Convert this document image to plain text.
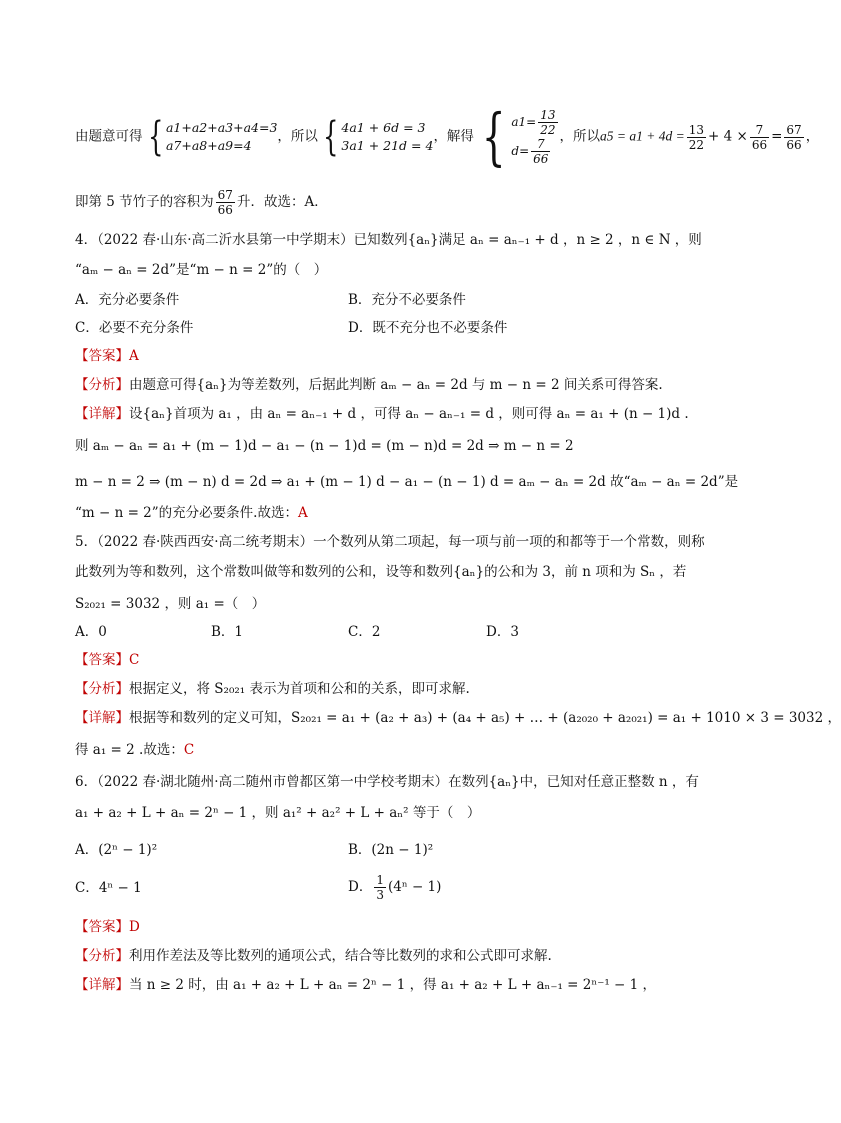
由题意可得 { a1+a2+a3+a4=3
a7+a8+a9=4
，所以 { 4a1 + 6d = 3
3a1 + 21d = 4
，解得 { $a1= \frac{13}{22}$
$d= \frac{7}{66}$
，所以$a5 = a1 + 4d = \frac{13}{22} + 4 \times \frac{7}{66} = \frac{67}{66}$ ，
即第 5 节竹子的容积为 $\frac{67}{66}$ 升．故选：A．
4．（2022 春·山东·高二沂水县第一中学期末）已知数列{aₙ}满足 aₙ = aₙ₋₁ + d ，n ≥ 2 ，n ∈ N ，则
“aₘ − aₙ = 2d”是“m − n = 2”的（　）
A．充分必要条件	B．充分不必要条件
C．必要不充分条件	D．既不充分也不必要条件
【答案】A
【分析】由题意可得{aₙ}为等差数列，后据此判断 aₘ − aₙ = 2d 与 m − n = 2 间关系可得答案.
【详解】设{aₙ}首项为 a₁ ，由 aₙ = aₙ₋₁ + d ，可得 aₙ − aₙ₋₁ = d ，则可得 aₙ = a₁ + (n − 1)d .
则 aₘ − aₙ = a₁ + (m − 1)d − a₁ − (n − 1)d = (m − n)d = 2d ⇒ m − n = 2
m − n = 2 ⇒ (m − n) d = 2d ⇒ a₁ + (m − 1) d − a₁ − (n − 1) d = aₘ − aₙ = 2d 故“aₘ − aₙ = 2d”是
“m − n = 2”的充分必要条件.故选：A
5．（2022 春·陕西西安·高二统考期末）一个数列从第二项起，每一项与前一项的和都等于一个常数，则称
此数列为等和数列，这个常数叫做等和数列的公和，设等和数列{aₙ}的公和为 3，前 n 项和为 Sₙ ，若
S₂₀₂₁ = 3032 ，则 a₁ =（　）
A．0	B．1	C．2	D．3
【答案】C
【分析】根据定义，将 S₂₀₂₁ 表示为首项和公和的关系，即可求解.
【详解】根据等和数列的定义可知，S₂₀₂₁ = a₁ + (a₂ + a₃) + (a₄ + a₅) + … + (a₂₀₂₀ + a₂₀₂₁) = a₁ + 1010 × 3 = 3032 ，
得 a₁ = 2 .故选：C
6．（2022 春·湖北随州·高二随州市曾都区第一中学校考期末）在数列{aₙ}中，已知对任意正整数 n ，有
a₁ + a₂ + L + aₙ = 2ⁿ − 1 ，则 a₁² + a₂² + L + aₙ² 等于（　）
A．(2ⁿ − 1)²	B．(2n − 1)²
C．4ⁿ − 1	D． $\frac{1}{3} (4^n - 1)$
【答案】D
【分析】利用作差法及等比数列的通项公式，结合等比数列的求和公式即可求解.
【详解】当 n ≥ 2 时，由 a₁ + a₂ + L + aₙ = 2ⁿ − 1 ，得 a₁ + a₂ + L + aₙ₋₁ = 2ⁿ⁻¹ − 1 ，
